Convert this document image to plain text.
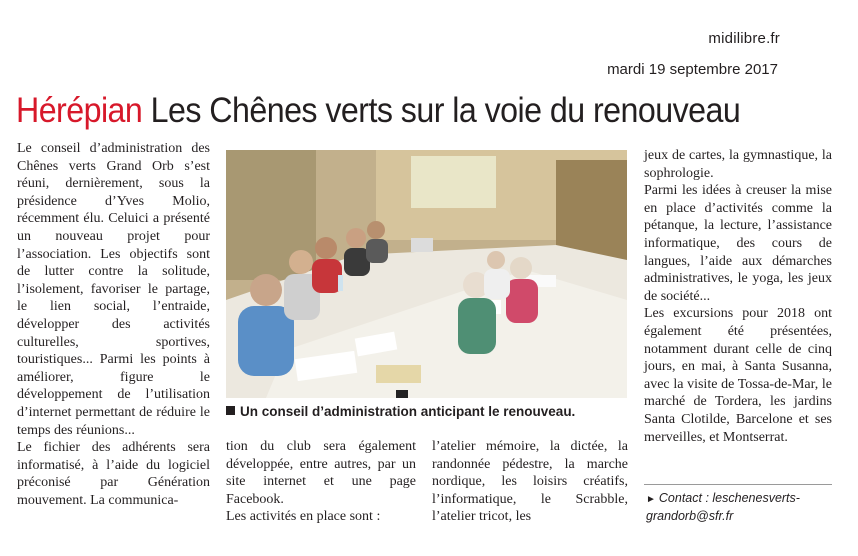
midilibre.fr
mardi 19 septembre 2017
Hérépian Les Chênes verts sur la voie du renouveau

Le conseil d’administration des Chênes verts Grand Orb s’est réuni, dernièrement, sous la présidence d’Yves Molio, récemment élu. Celuici a présenté un nouveau projet pour l’association. Les objectifs sont de lutter contre la solitude, l’isolement, favoriser le partage, le lien social, l’entraide, développer des activités culturelles, sportives, touristiques... Parmi les points à améliorer, figure le développement de l’utilisation d’internet permettant de réduire le temps des réunions...

Le fichier des adhérents sera informatisé, à l’aide du logiciel préconisé par Génération mouvement. La communica-

Un conseil d’administration anticipant le renouveau.

tion du club sera également développée, entre autres, par un site internet et une page Facebook.

Les activités en place sont :

l’atelier mémoire, la dictée, la randonnée pédestre, la marche nordique, les loisirs créatifs, l’informatique, le Scrabble, l’atelier tricot, les

jeux de cartes, la gymnastique, la sophrologie.

Parmi les idées à creuser la mise en place d’activités comme la pétanque, la lecture, l’assistance informatique, des cours de langues, l’aide aux démarches administratives, le yoga, les jeux de société...

Les excursions pour 2018 ont également été présentées, notamment durant celle de cinq jours, en mai, à Santa Susanna, avec la visite de Tossa-de-Mar, le marché de Tordera, les jardins Santa Clotilde, Barcelone et ses merveilles, et Montserrat.

► Contact : leschenesverts-grandorb@sfr.fr
